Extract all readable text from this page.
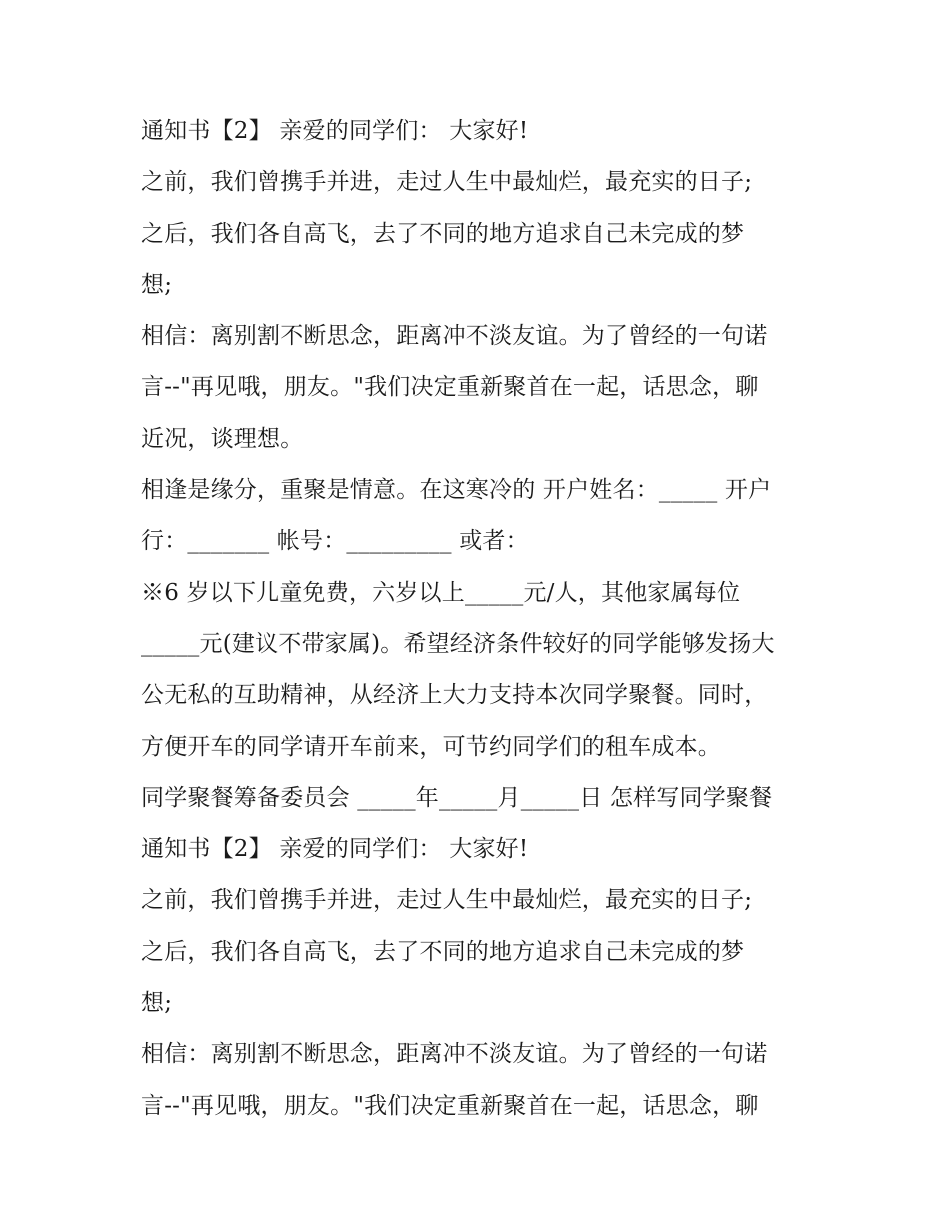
通知书【2】 亲爱的同学们： 大家好!
之前，我们曾携手并进，走过人生中最灿烂，最充实的日子;
之后，我们各自高飞，去了不同的地方追求自己未完成的梦
想;
相信：离别割不断思念，距离冲不淡友谊。为了曾经的一句诺
言--"再见哦，朋友。"我们决定重新聚首在一起，话思念，聊
近况，谈理想。
相逢是缘分，重聚是情意。在这寒冷的 开户姓名：_____ 开户
行：_______ 帐号：_________ 或者：
※6 岁以下儿童免费，六岁以上_____元/人，其他家属每位
_____元(建议不带家属)。希望经济条件较好的同学能够发扬大
公无私的互助精神，从经济上大力支持本次同学聚餐。同时，
方便开车的同学请开车前来，可节约同学们的租车成本。
同学聚餐筹备委员会 _____年_____月_____日 怎样写同学聚餐
通知书【2】 亲爱的同学们： 大家好!
之前，我们曾携手并进，走过人生中最灿烂，最充实的日子;
之后，我们各自高飞，去了不同的地方追求自己未完成的梦
想;
相信：离别割不断思念，距离冲不淡友谊。为了曾经的一句诺
言--"再见哦，朋友。"我们决定重新聚首在一起，话思念，聊
